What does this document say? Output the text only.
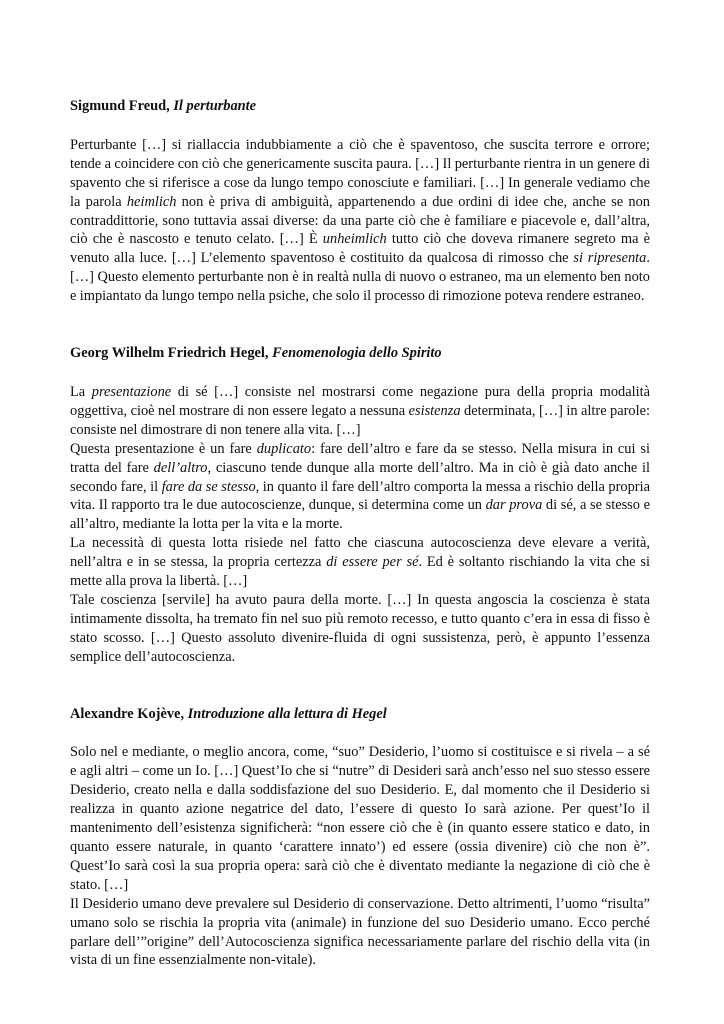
Sigmund Freud, Il perturbante

Perturbante […] si riallaccia indubbiamente a ciò che è spaventoso, che suscita terrore e orrore; tende a coincidere con ciò che genericamente suscita paura. […] Il perturbante rientra in un genere di spavento che si riferisce a cose da lungo tempo conosciute e familiari. […] In generale vediamo che la parola heimlich non è priva di ambiguità, appartenendo a due ordini di idee che, anche se non contraddittorie, sono tuttavia assai diverse: da una parte ciò che è familiare e piacevole e, dall’altra, ciò che è nascosto e tenuto celato. […] È unheimlich tutto ciò che doveva rimanere segreto ma è venuto alla luce. […] L’elemento spaventoso è costituito da qualcosa di rimosso che si ripresenta. […] Questo elemento perturbante non è in realtà nulla di nuovo o estraneo, ma un elemento ben noto e impiantato da lungo tempo nella psiche, che solo il processo di rimozione poteva rendere estraneo.

Georg Wilhelm Friedrich Hegel, Fenomenologia dello Spirito

La presentazione di sé […] consiste nel mostrarsi come negazione pura della propria modalità oggettiva, cioè nel mostrare di non essere legato a nessuna esistenza determinata, […] in altre parole: consiste nel dimostrare di non tenere alla vita. […]

Questa presentazione è un fare duplicato: fare dell’altro e fare da se stesso. Nella misura in cui si tratta del fare dell’altro, ciascuno tende dunque alla morte dell’altro. Ma in ciò è già dato anche il secondo fare, il fare da se stesso, in quanto il fare dell’altro comporta la messa a rischio della propria vita. Il rapporto tra le due autocoscienze, dunque, si determina come un dar prova di sé, a se stesso e all’altro, mediante la lotta per la vita e la morte.

La necessità di questa lotta risiede nel fatto che ciascuna autocoscienza deve elevare a verità, nell’altra e in se stessa, la propria certezza di essere per sé. Ed è soltanto rischiando la vita che si mette alla prova la libertà. […]

Tale coscienza [servile] ha avuto paura della morte. […] In questa angoscia la coscienza è stata intimamente dissolta, ha tremato fin nel suo più remoto recesso, e tutto quanto c’era in essa di fisso è stato scosso. […] Questo assoluto divenire-fluida di ogni sussistenza, però, è appunto l’essenza semplice dell’autocoscienza.

Alexandre Kojève, Introduzione alla lettura di Hegel

Solo nel e mediante, o meglio ancora, come, “suo” Desiderio, l’uomo si costituisce e si rivela – a sé e agli altri – come un Io. […] Quest’Io che si “nutre” di Desideri sarà anch’esso nel suo stesso essere Desiderio, creato nella e dalla soddisfazione del suo Desiderio. E, dal momento che il Desiderio si realizza in quanto azione negatrice del dato, l’essere di questo Io sarà azione. Per quest’Io il mantenimento dell’esistenza significherà: “non essere ciò che è (in quanto essere statico e dato, in quanto essere naturale, in quanto ‘carattere innato’) ed essere (ossia divenire) ciò che non è”. Quest’Io sarà così la sua propria opera: sarà ciò che è diventato mediante la negazione di ciò che è stato. […]

Il Desiderio umano deve prevalere sul Desiderio di conservazione. Detto altrimenti, l’uomo “risulta” umano solo se rischia la propria vita (animale) in funzione del suo Desiderio umano. Ecco perché parlare dell’”origine” dell’Autocoscienza significa necessariamente parlare del rischio della vita (in vista di un fine essenzialmente non-vitale).
